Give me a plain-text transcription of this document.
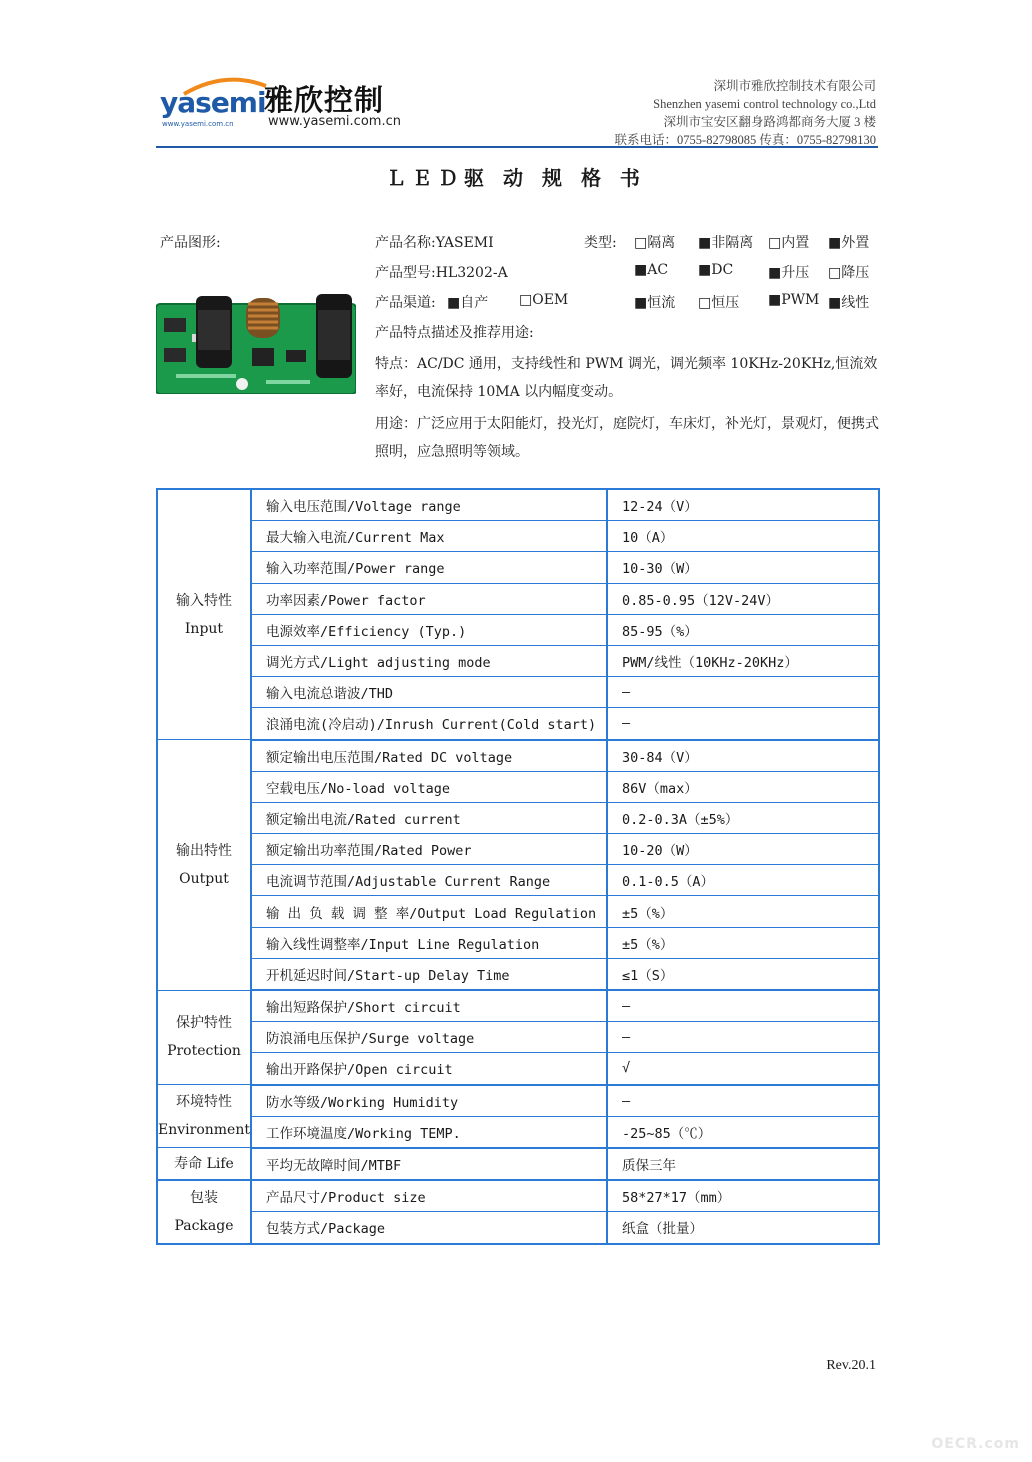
yasemi
www.yasemi.com.cn
雅欣控制
www.yasemi.com.cn
深圳市雅欣控制技术有限公司
Shenzhen yasemi control technology co.,Ltd
深圳市宝安区翻身路鸿都商务大厦 3 楼
联系电话：0755-82798085 传真：0755-82798130
ＬＥＤ驱 动 规 格 书
产品图形:	产品名称:YASEMI	类型: □隔离 ■非隔离 □内置 ■外置
产品型号:HL3202-A	■AC ■DC ■升压 □降压
产品渠道: ■自产 □OEM	■恒流 □恒压 ■PWM ■线性
产品特点描述及推荐用途:

特点：AC/DC 通用，支持线性和 PWM 调光，调光频率 10KHz-20KHz,恒流效率好，电流保持 10MA 以内幅度变动。

用途：广泛应用于太阳能灯，投光灯，庭院灯，车床灯，补光灯，景观灯，便携式照明，应急照明等领域。

输入特性
Input	输入电压范围/Voltage range	12-24（V）
	最大输入电流/Current Max	10（A）
	输入功率范围/Power range	10-30（W）
	功率因素/Power factor	0.85-0.95（12V-24V）
	电源效率/Efficiency (Typ.)	85-95（%）
	调光方式/Light adjusting mode	PWM/线性（10KHz-20KHz）
	输入电流总谐波/THD	—
	浪涌电流(冷启动)/Inrush Current(Cold start)	—

输出特性
Output	额定输出电压范围/Rated DC voltage	30-84（V）
	空载电压/No-load voltage	86V（max）
	额定输出电流/Rated current	0.2-0.3A（±5%）
	额定输出功率范围/Rated Power	10-20（W）
	电流调节范围/Adjustable Current Range	0.1-0.5（A）
	输 出 负 载 调 整 率/Output Load Regulation	±5（%）
	输入线性调整率/Input Line Regulation	±5（%）
	开机延迟时间/Start-up Delay Time	≤1（S）

保护特性
Protection	输出短路保护/Short circuit	—
	防浪涌电压保护/Surge voltage	—
	输出开路保护/Open circuit	√

环境特性
Environment	防水等级/Working Humidity	—
	工作环境温度/Working TEMP.	-25~85（℃）

寿命 Life	平均无故障时间/MTBF	质保三年

包装
Package	产品尺寸/Product size	58*27*17（mm）
	包装方式/Package	纸盒（批量）
Rev.20.1
OECR.com
